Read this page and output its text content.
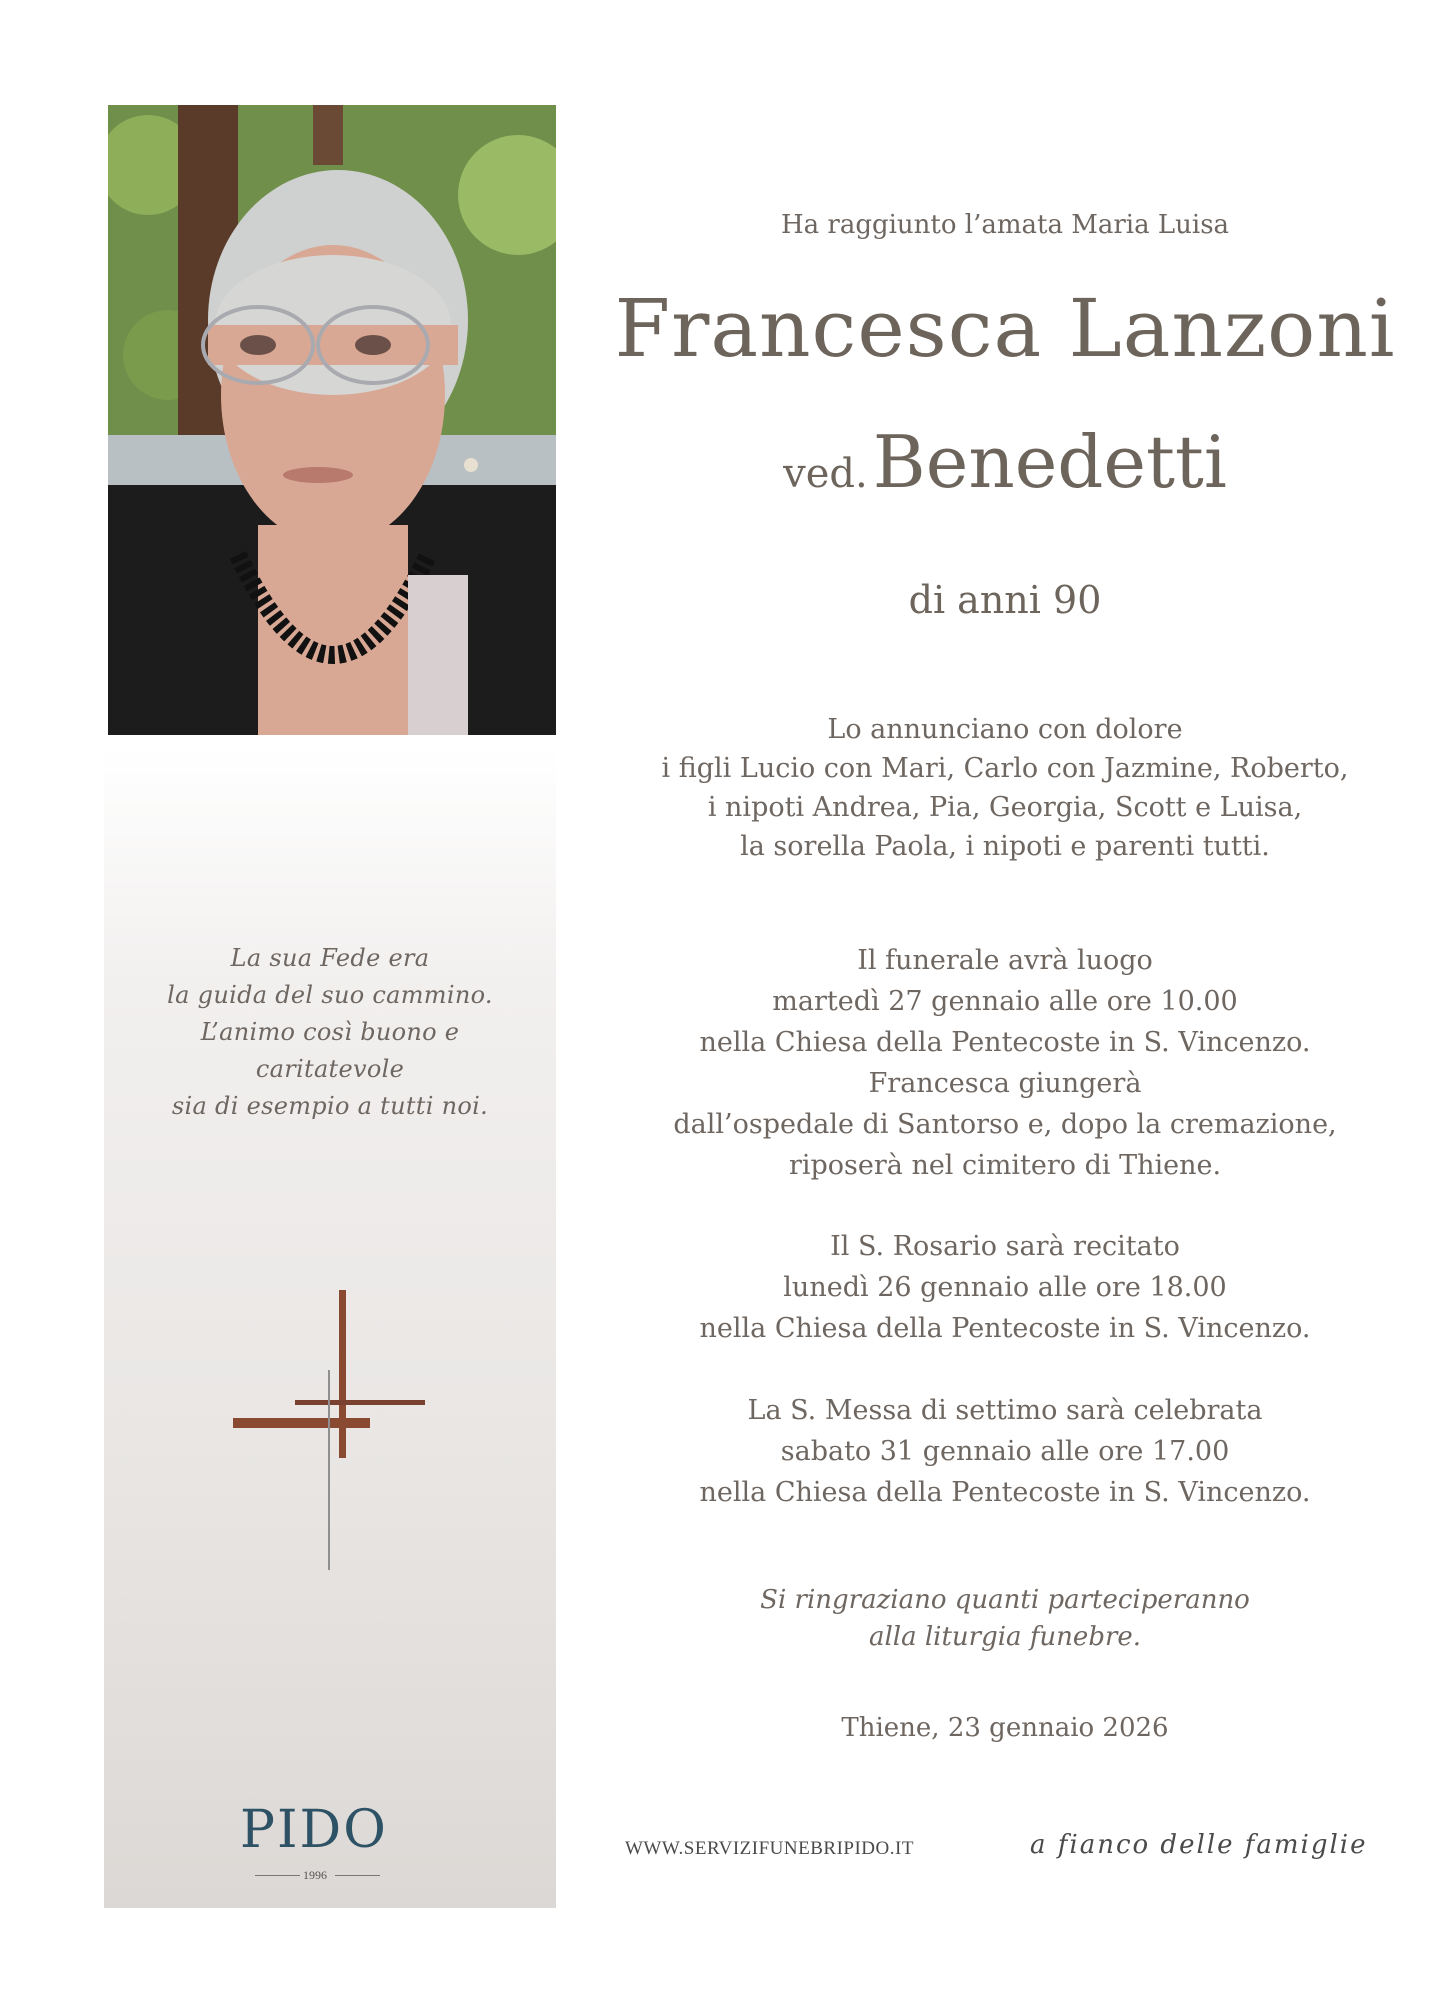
La sua Fede era
la guida del suo cammino.
L’animo così buono e
caritatevole
sia di esempio a tutti noi.
PIDO
1996
Ha raggiunto l’amata Maria Luisa
Francesca Lanzoni
ved. Benedetti
di anni 90
Lo annunciano con dolore
i figli Lucio con Mari, Carlo con Jazmine, Roberto,
i nipoti Andrea, Pia, Georgia, Scott e Luisa,
la sorella Paola, i nipoti e parenti tutti.
Il funerale avrà luogo
martedì 27 gennaio alle ore 10.00
nella Chiesa della Pentecoste in S. Vincenzo.
Francesca giungerà
dall’ospedale di Santorso e, dopo la cremazione,
riposerà nel cimitero di Thiene.
Il S. Rosario sarà recitato
lunedì 26 gennaio alle ore 18.00
nella Chiesa della Pentecoste in S. Vincenzo.
La S. Messa di settimo sarà celebrata
sabato 31 gennaio alle ore 17.00
nella Chiesa della Pentecoste in S. Vincenzo.
Si ringraziano quanti parteciperanno
alla liturgia funebre.
Thiene, 23 gennaio 2026
WWW.SERVIZIFUNEBRIPIDO.IT	a fianco delle famiglie
